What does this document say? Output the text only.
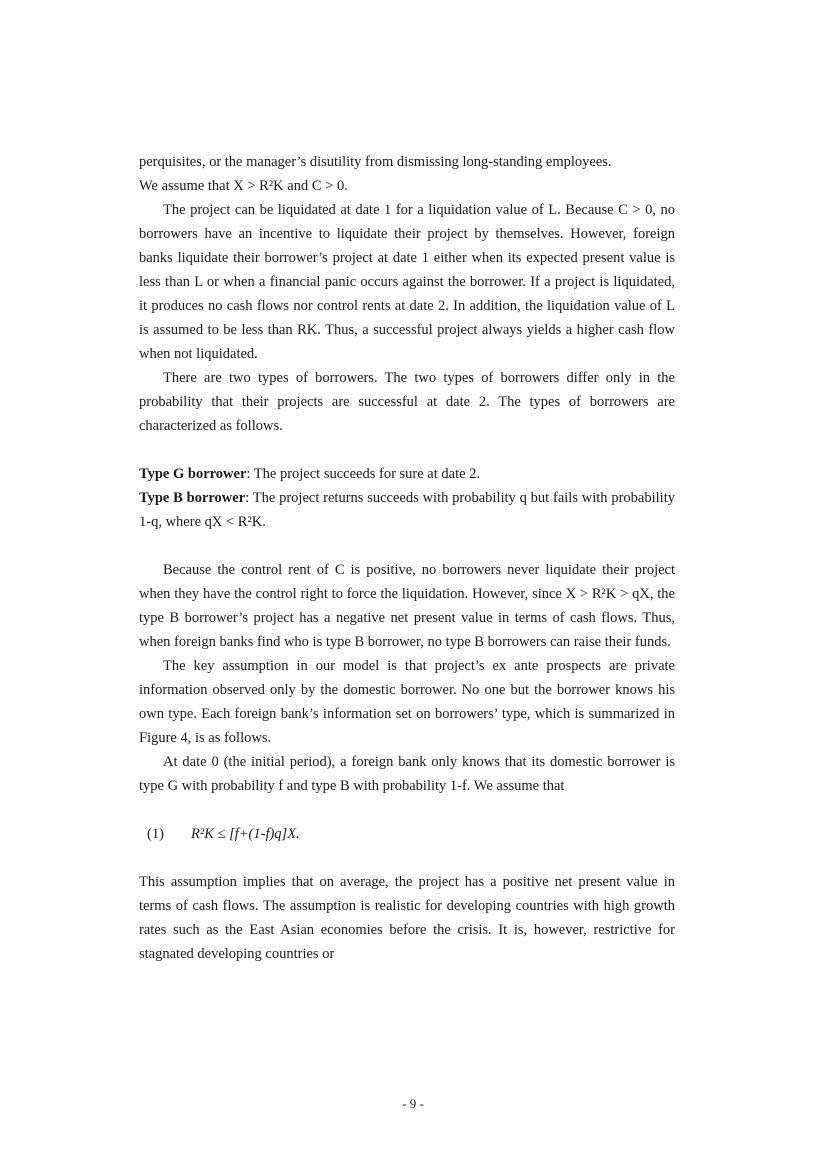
perquisites, or the manager’s disutility from dismissing long-standing employees.
We assume that X > R²K and C > 0.

The project can be liquidated at date 1 for a liquidation value of L. Because C > 0, no borrowers have an incentive to liquidate their project by themselves. However, foreign banks liquidate their borrower’s project at date 1 either when its expected present value is less than L or when a financial panic occurs against the borrower. If a project is liquidated, it produces no cash flows nor control rents at date 2. In addition, the liquidation value of L is assumed to be less than RK. Thus, a successful project always yields a higher cash flow when not liquidated.

There are two types of borrowers. The two types of borrowers differ only in the probability that their projects are successful at date 2. The types of borrowers are characterized as follows.

Type G borrower: The project succeeds for sure at date 2.

Type B borrower: The project returns succeeds with probability q but fails with probability 1-q, where qX < R²K.

Because the control rent of C is positive, no borrowers never liquidate their project when they have the control right to force the liquidation. However, since X > R²K > qX, the type B borrower’s project has a negative net present value in terms of cash flows. Thus, when foreign banks find who is type B borrower, no type B borrowers can raise their funds.

The key assumption in our model is that project’s ex ante prospects are private information observed only by the domestic borrower. No one but the borrower knows his own type. Each foreign bank’s information set on borrowers’ type, which is summarized in Figure 4, is as follows.

At date 0 (the initial period), a foreign bank only knows that its domestic borrower is type G with probability f and type B with probability 1-f. We assume that

(1) R²K ≤ [f+(1-f)q]X.

This assumption implies that on average, the project has a positive net present value in terms of cash flows. The assumption is realistic for developing countries with high growth rates such as the East Asian economies before the crisis. It is, however, restrictive for stagnated developing countries or

- 9 -
